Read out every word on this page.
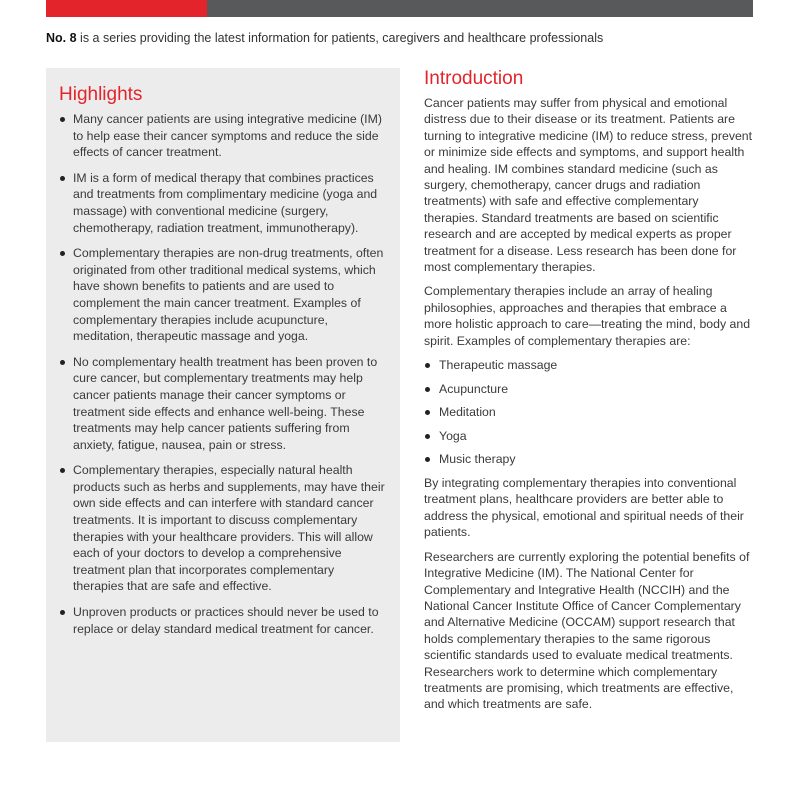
No. 8 is a series providing the latest information for patients, caregivers and healthcare professionals
Highlights
Many cancer patients are using integrative medicine (IM) to help ease their cancer symptoms and reduce the side effects of cancer treatment.
IM is a form of medical therapy that combines practices and treatments from complimentary medicine (yoga and massage) with conventional medicine (surgery, chemotherapy, radiation treatment, immunotherapy).
Complementary therapies are non-drug treatments, often originated from other traditional medical systems, which have shown benefits to patients and are used to complement the main cancer treatment. Examples of complementary therapies include acupuncture, meditation, therapeutic massage and yoga.
No complementary health treatment has been proven to cure cancer, but complementary treatments may help cancer patients manage their cancer symptoms or treatment side effects and enhance well-being. These treatments may help cancer patients suffering from anxiety, fatigue, nausea, pain or stress.
Complementary therapies, especially natural health products such as herbs and supplements, may have their own side effects and can interfere with standard cancer treatments. It is important to discuss complementary therapies with your healthcare providers. This will allow each of your doctors to develop a comprehensive treatment plan that incorporates complementary therapies that are safe and effective.
Unproven products or practices should never be used to replace or delay standard medical treatment for cancer.
Introduction

Cancer patients may suffer from physical and emotional distress due to their disease or its treatment. Patients are turning to integrative medicine (IM) to reduce stress, prevent or minimize side effects and symptoms, and support health and healing. IM combines standard medicine (such as surgery, chemotherapy, cancer drugs and radiation treatments) with safe and effective complementary therapies. Standard treatments are based on scientific research and are accepted by medical experts as proper treatment for a disease. Less research has been done for most complementary therapies.

Complementary therapies include an array of healing philosophies, approaches and therapies that embrace a more holistic approach to care—treating the mind, body and spirit. Examples of complementary therapies are:

Therapeutic massage
Acupuncture
Meditation
Yoga
Music therapy

By integrating complementary therapies into conventional treatment plans, healthcare providers are better able to address the physical, emotional and spiritual needs of their patients.

Researchers are currently exploring the potential benefits of Integrative Medicine (IM). The National Center for Complementary and Integrative Health (NCCIH) and the National Cancer Institute Office of Cancer Complementary and Alternative Medicine (OCCAM) support research that holds complementary therapies to the same rigorous scientific standards used to evaluate medical treatments. Researchers work to determine which complementary treatments are promising, which treatments are effective, and which treatments are safe.
